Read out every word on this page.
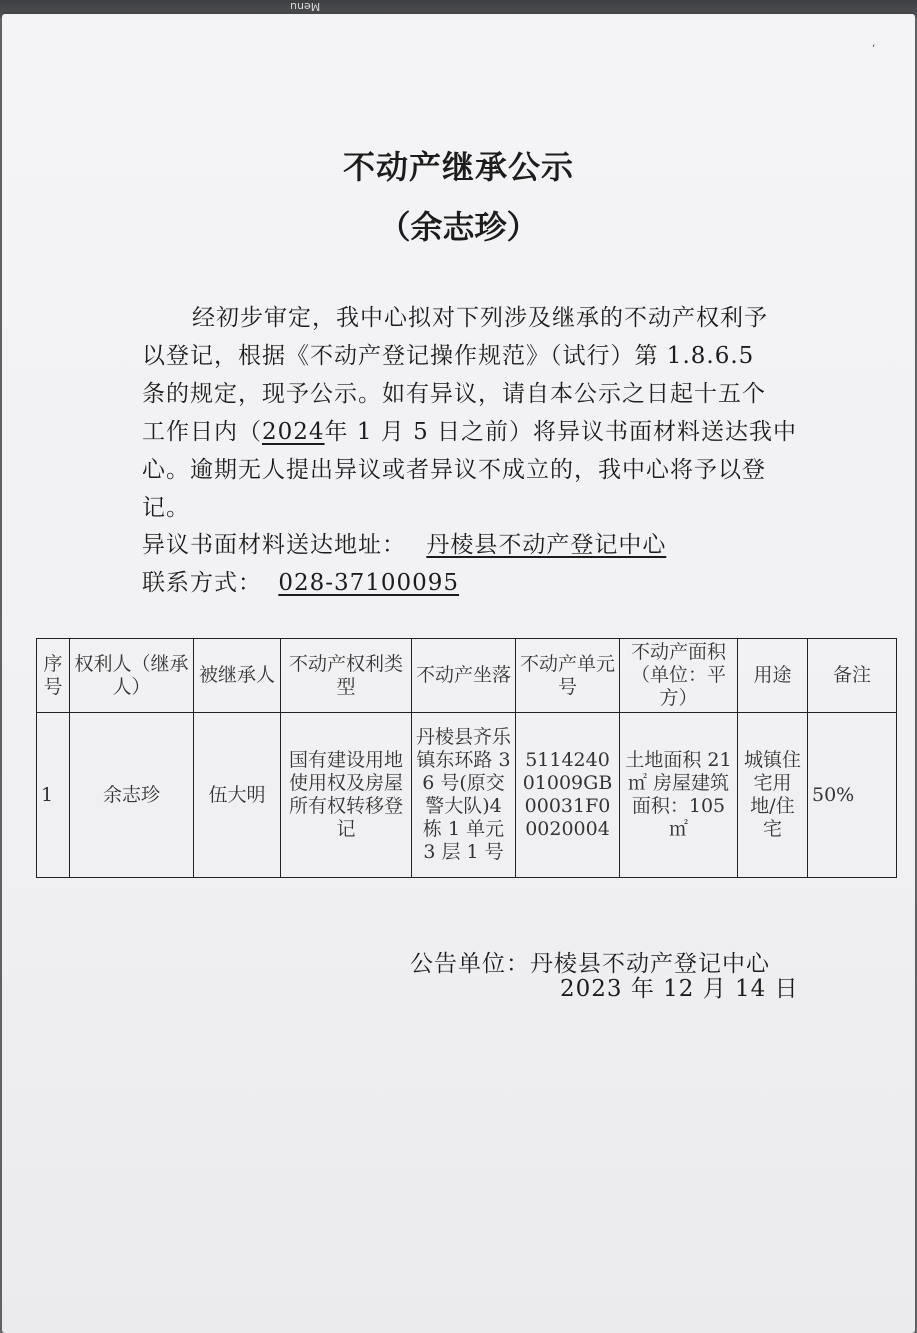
Menu
’
不动产继承公示
（余志珍）
经初步审定，我中心拟对下列涉及继承的不动产权利予
以登记，根据《不动产登记操作规范》（试行）第 1.8.6.5
条的规定，现予公示。如有异议，请自本公示之日起十五个
工作日内（2024年 1 月 5 日之前）将异议书面材料送达我中
心。逾期无人提出异议或者异议不成立的，我中心将予以登
记。
异议书面材料送达地址： 丹棱县不动产登记中心
联系方式： 028-37100095
序号	权利人（继承人）	被继承人	不动产权利类型	不动产坐落	不动产单元号	不动产面积（单位：平方）	用途	备注
1	余志珍	伍大明	国有建设用地使用权及房屋所有权转移登记	丹棱县齐乐镇东环路 36 号(原交警大队)4 栋 1 单元 3 层 1 号	511424001009GB00031F00020004	土地面积 21 ㎡ 房屋建筑面积：105 ㎡	城镇住宅用地/住宅	50%
公告单位：丹棱县不动产登记中心
2023 年 12 月 14 日
